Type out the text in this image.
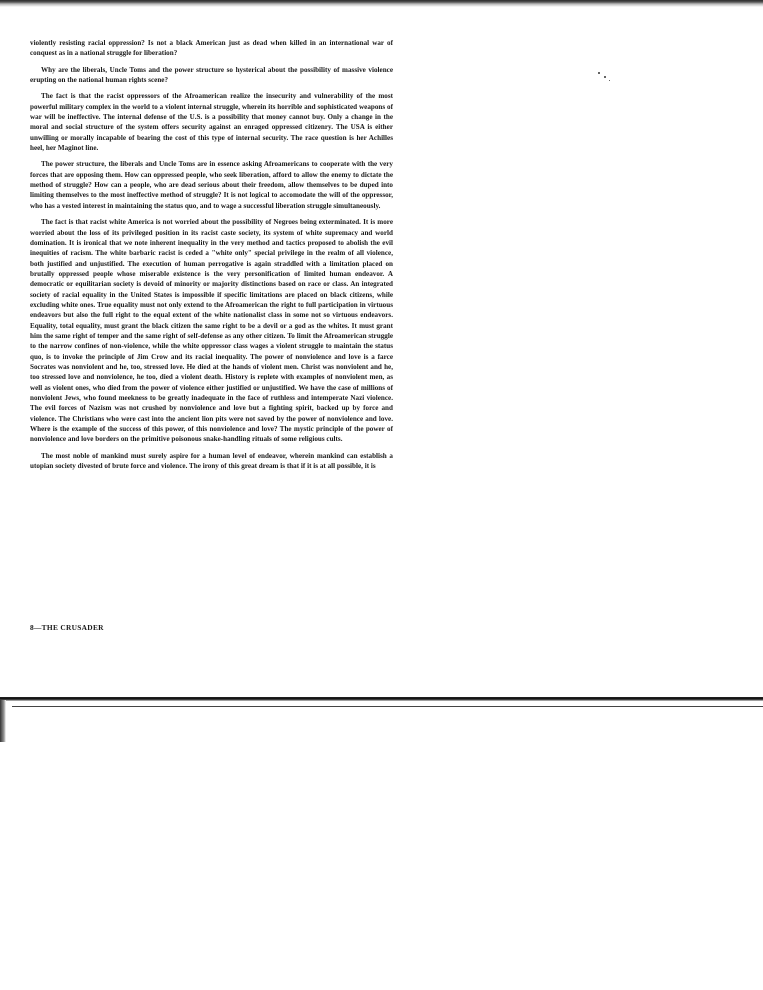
violently resisting racial oppression? Is not a black American just as dead when killed in an international war of conquest as in a national struggle for liberation?

Why are the liberals, Uncle Toms and the power structure so hysterical about the possibility of massive violence erupting on the national human rights scene?

The fact is that the racist oppressors of the Afroamerican realize the insecurity and vulnerability of the most powerful military complex in the world to a violent internal struggle, wherein its horrible and sophisticated weapons of war will be ineffective. The internal defense of the U.S. is a possibility that money cannot buy. Only a change in the moral and social structure of the system offers security against an enraged oppressed citizenry. The USA is either unwilling or morally incapable of bearing the cost of this type of internal security. The race question is her Achilles heel, her Maginot line.

The power structure, the liberals and Uncle Toms are in essence asking Afroamericans to cooperate with the very forces that are opposing them. How can oppressed people, who seek liberation, afford to allow the enemy to dictate the method of struggle? How can a people, who are dead serious about their freedom, allow themselves to be duped into limiting themselves to the most ineffective method of struggle? It is not logical to accomodate the will of the oppressor, who has a vested interest in maintaining the status quo, and to wage a successful liberation struggle simultaneously.

The fact is that racist white America is not worried about the possibility of Negroes being exterminated. It is more worried about the loss of its privileged position in its racist caste society, its system of white supremacy and world domination. It is ironical that we note inherent inequality in the very method and tactics proposed to abolish the evil inequities of racism. The white barbaric racist is ceded a "white only" special privilege in the realm of all violence, both justified and unjustified. The execution of human perrogative is again straddled with a limitation placed on brutally oppressed people whose miserable existence is the very personification of limited human endeavor. A democratic or equilitarian society is devoid of minority or majority distinctions based on race or class. An integrated society of racial equality in the United States is impossible if specific limitations are placed on black citizens, while excluding white ones. True equality must not only extend to the Afroamerican the right to full participation in virtuous endeavors but also the full right to the equal extent of the white nationalist class in some not so virtuous endeavors. Equality, total equality, must grant the black citizen the same right to be a devil or a god as the whites. It must grant him the same right of temper and the same right of self-defense as any other citizen. To limit the Afroamerican struggle to the narrow confines of non-violence, while the white oppressor class wages a violent struggle to maintain the status quo, is to invoke the principle of Jim Crow and its racial inequality. The power of nonviolence and love is a farce Socrates was nonviolent and he, too, stressed love. He died at the hands of violent men. Christ was nonviolent and he, too stressed love and nonviolence, he too, died a violent death. History is replete with examples of nonviolent men, as well as violent ones, who died from the power of violence either justified or unjustified. We have the case of millions of nonviolent Jews, who found meekness to be greatly inadequate in the face of ruthless and intemperate Nazi violence. The evil forces of Nazism was not crushed by nonviolence and love but a fighting spirit, backed up by force and violence. The Christians who were cast into the ancient lion pits were not saved by the power of nonviolence and love. Where is the example of the success of this power, of this nonviolence and love? The mystic principle of the power of nonviolence and love borders on the primitive poisonous snake-handling rituals of some religious cults.

The most noble of mankind must surely aspire for a human level of endeavor, wherein mankind can establish a utopian society divested of brute force and violence. The irony of this great dream is that if it is at all possible, it is

8—THE CRUSADER
